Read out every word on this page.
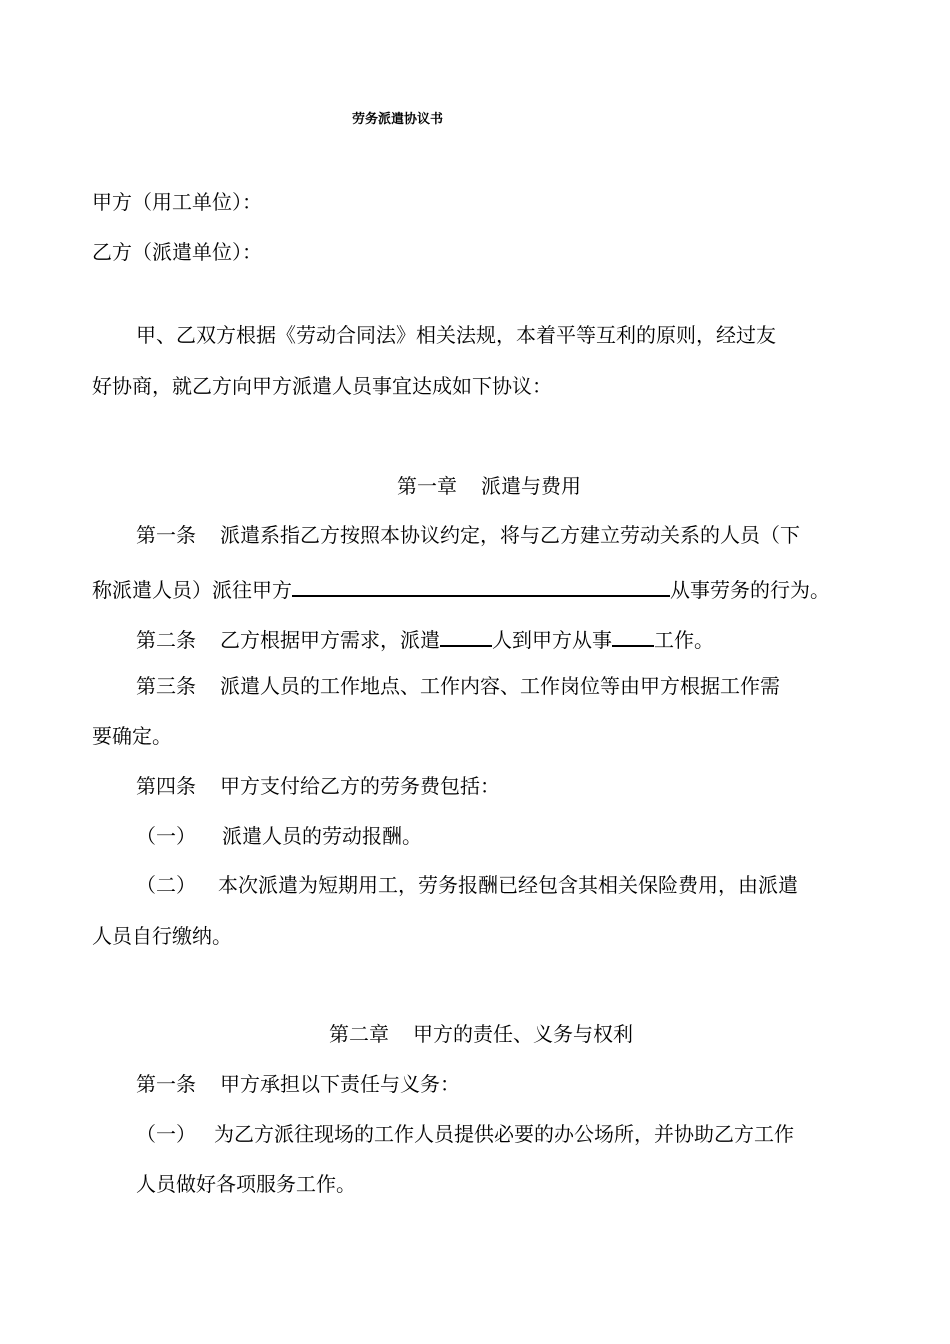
劳务派遣协议书
甲方（用工单位）：
乙方（派遣单位）：
甲、乙双方根据《劳动合同法》相关法规，本着平等互利的原则，经过友
好协商，就乙方向甲方派遣人员事宜达成如下协议：
第一章 派遣与费用
第一条 派遣系指乙方按照本协议约定，将与乙方建立劳动关系的人员（下
称派遣人员）派往甲方	从事劳务的行为。
第二条 乙方根据甲方需求，派遣	人到甲方从事 工作。
第三条 派遣人员的工作地点、工作内容、工作岗位等由甲方根据工作需
要确定。
第四条 甲方支付给乙方的劳务费包括：
（一） 派遣人员的劳动报酬。
（二） 本次派遣为短期用工，劳务报酬已经包含其相关保险费用，由派遣
人员自行缴纳。
第二章 甲方的责任、义务与权利
第一条 甲方承担以下责任与义务：
（一） 为乙方派往现场的工作人员提供必要的办公场所，并协助乙方工作
人员做好各项服务工作。
